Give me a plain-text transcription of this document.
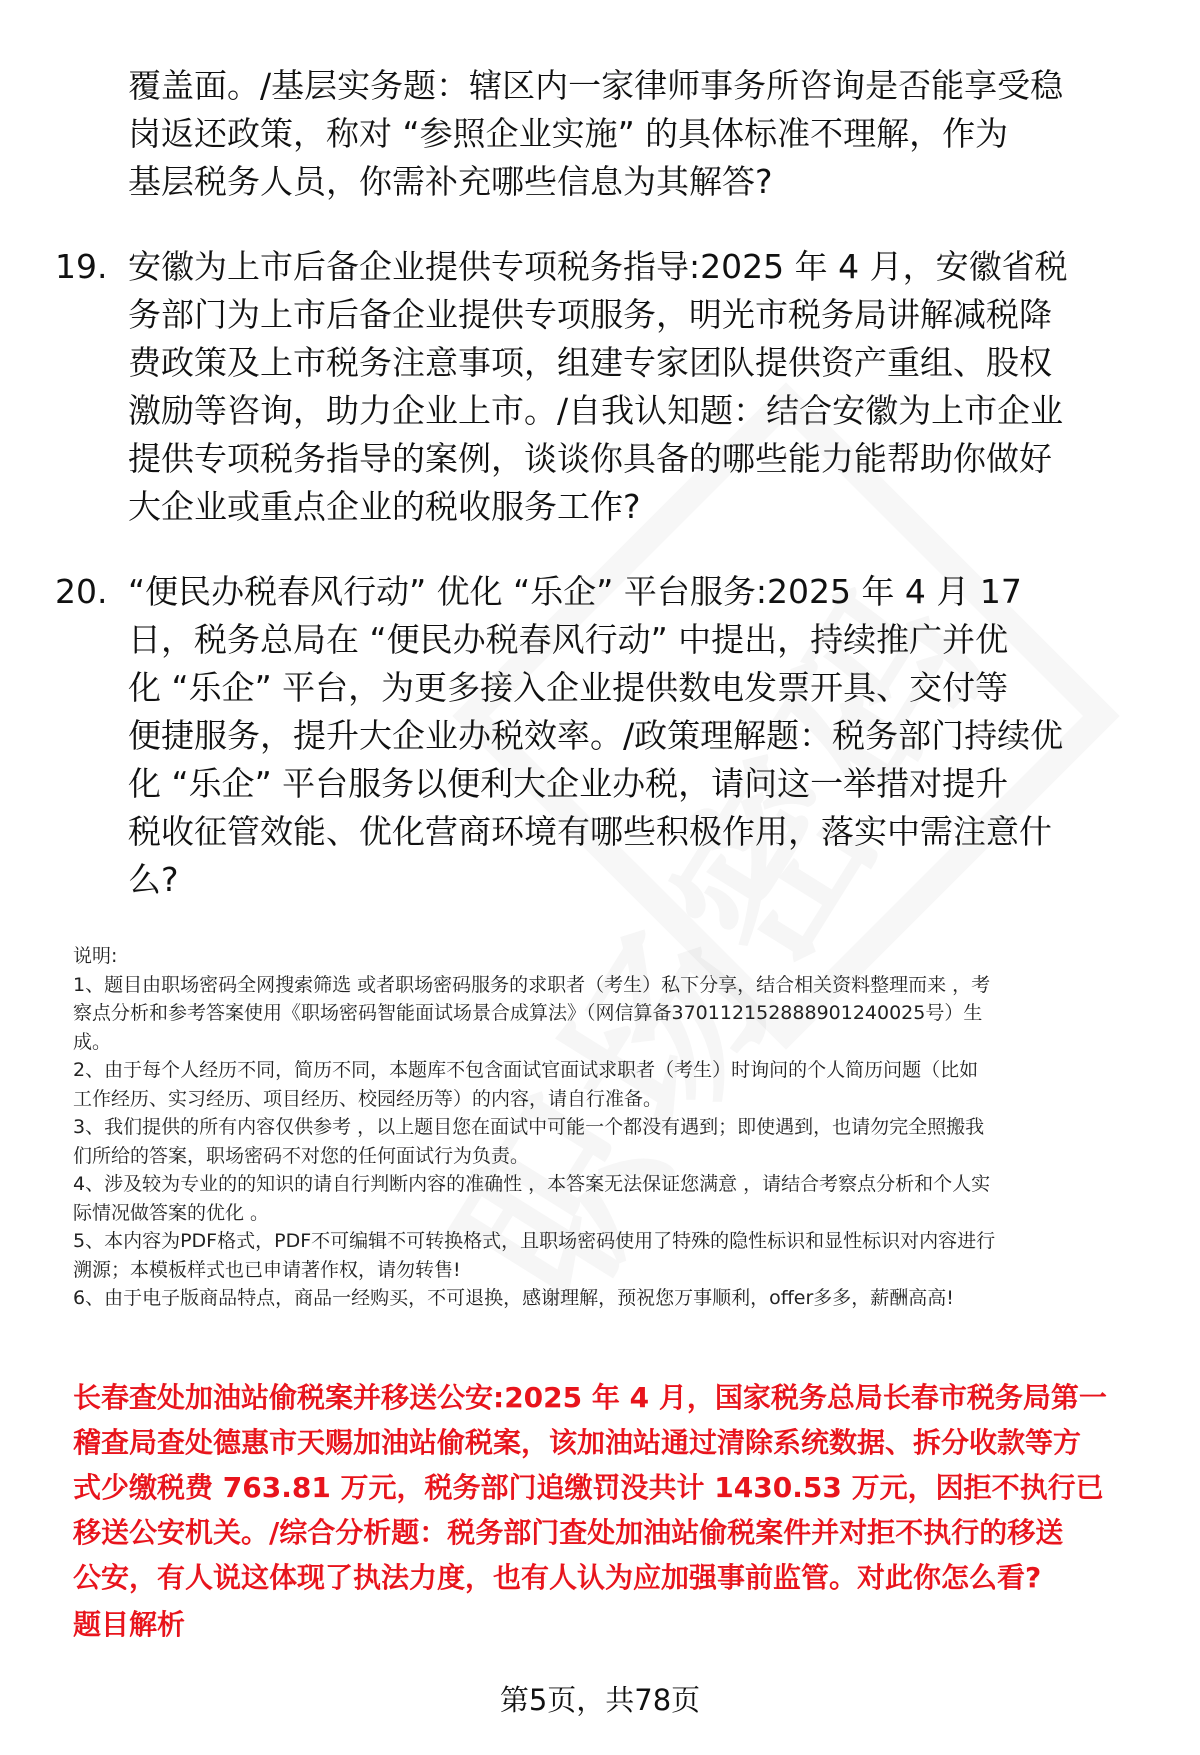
覆盖面。/基层实务题：辖区内一家律师事务所咨询是否能享受稳
岗返还政策，称对 “参照企业实施” 的具体标准不理解，作为
基层税务人员，你需补充哪些信息为其解答?
19. 安徽为上市后备企业提供专项税务指导:2025 年 4 月，安徽省税
务部门为上市后备企业提供专项服务，明光市税务局讲解减税降
费政策及上市税务注意事项，组建专家团队提供资产重组、股权
激励等咨询，助力企业上市。/自我认知题：结合安徽为上市企业
提供专项税务指导的案例，谈谈你具备的哪些能力能帮助你做好
大企业或重点企业的税收服务工作?
20. “便民办税春风行动” 优化 “乐企” 平台服务:2025 年 4 月 17
日，税务总局在 “便民办税春风行动” 中提出，持续推广并优
化 “乐企” 平台，为更多接入企业提供数电发票开具、交付等
便捷服务，提升大企业办税效率。/政策理解题：税务部门持续优
化 “乐企” 平台服务以便利大企业办税，请问这一举措对提升
税收征管效能、优化营商环境有哪些积极作用，落实中需注意什
么?
说明:
1、题目由职场密码全网搜索筛选 或者职场密码服务的求职者（考生）私下分享，结合相关资料整理而来 ，考
察点分析和参考答案使用《职场密码智能面试场景合成算法》（网信算备370112152888901240025号）生
成。
2、由于每个人经历不同，简历不同，本题库不包含面试官面试求职者（考生）时询问的个人简历问题（比如
工作经历、实习经历、项目经历、校园经历等）的内容，请自行准备。
3、我们提供的所有内容仅供参考 ，以上题目您在面试中可能一个都没有遇到；即使遇到，也请勿完全照搬我
们所给的答案，职场密码不对您的任何面试行为负责。
4、涉及较为专业的的知识的请自行判断内容的准确性 ，本答案无法保证您满意 ，请结合考察点分析和个人实
际情况做答案的优化 。
5、本内容为PDF格式，PDF不可编辑不可转换格式，且职场密码使用了特殊的隐性标识和显性标识对内容进行
溯源；本模板样式也已申请著作权，请勿转售!
6、由于电子版商品特点，商品一经购买，不可退换，感谢理解，预祝您万事顺利，offer多多，薪酬高高!
长春查处加油站偷税案并移送公安:2025 年 4 月，国家税务总局长春市税务局第一
稽查局查处德惠市天赐加油站偷税案，该加油站通过清除系统数据、拆分收款等方
式少缴税费 763.81 万元，税务部门追缴罚没共计 1430.53 万元，因拒不执行已
移送公安机关。/综合分析题：税务部门查处加油站偷税案件并对拒不执行的移送
公安，有人说这体现了执法力度，也有人认为应加强事前监管。对此你怎么看?
题目解析
第5页，共78页
